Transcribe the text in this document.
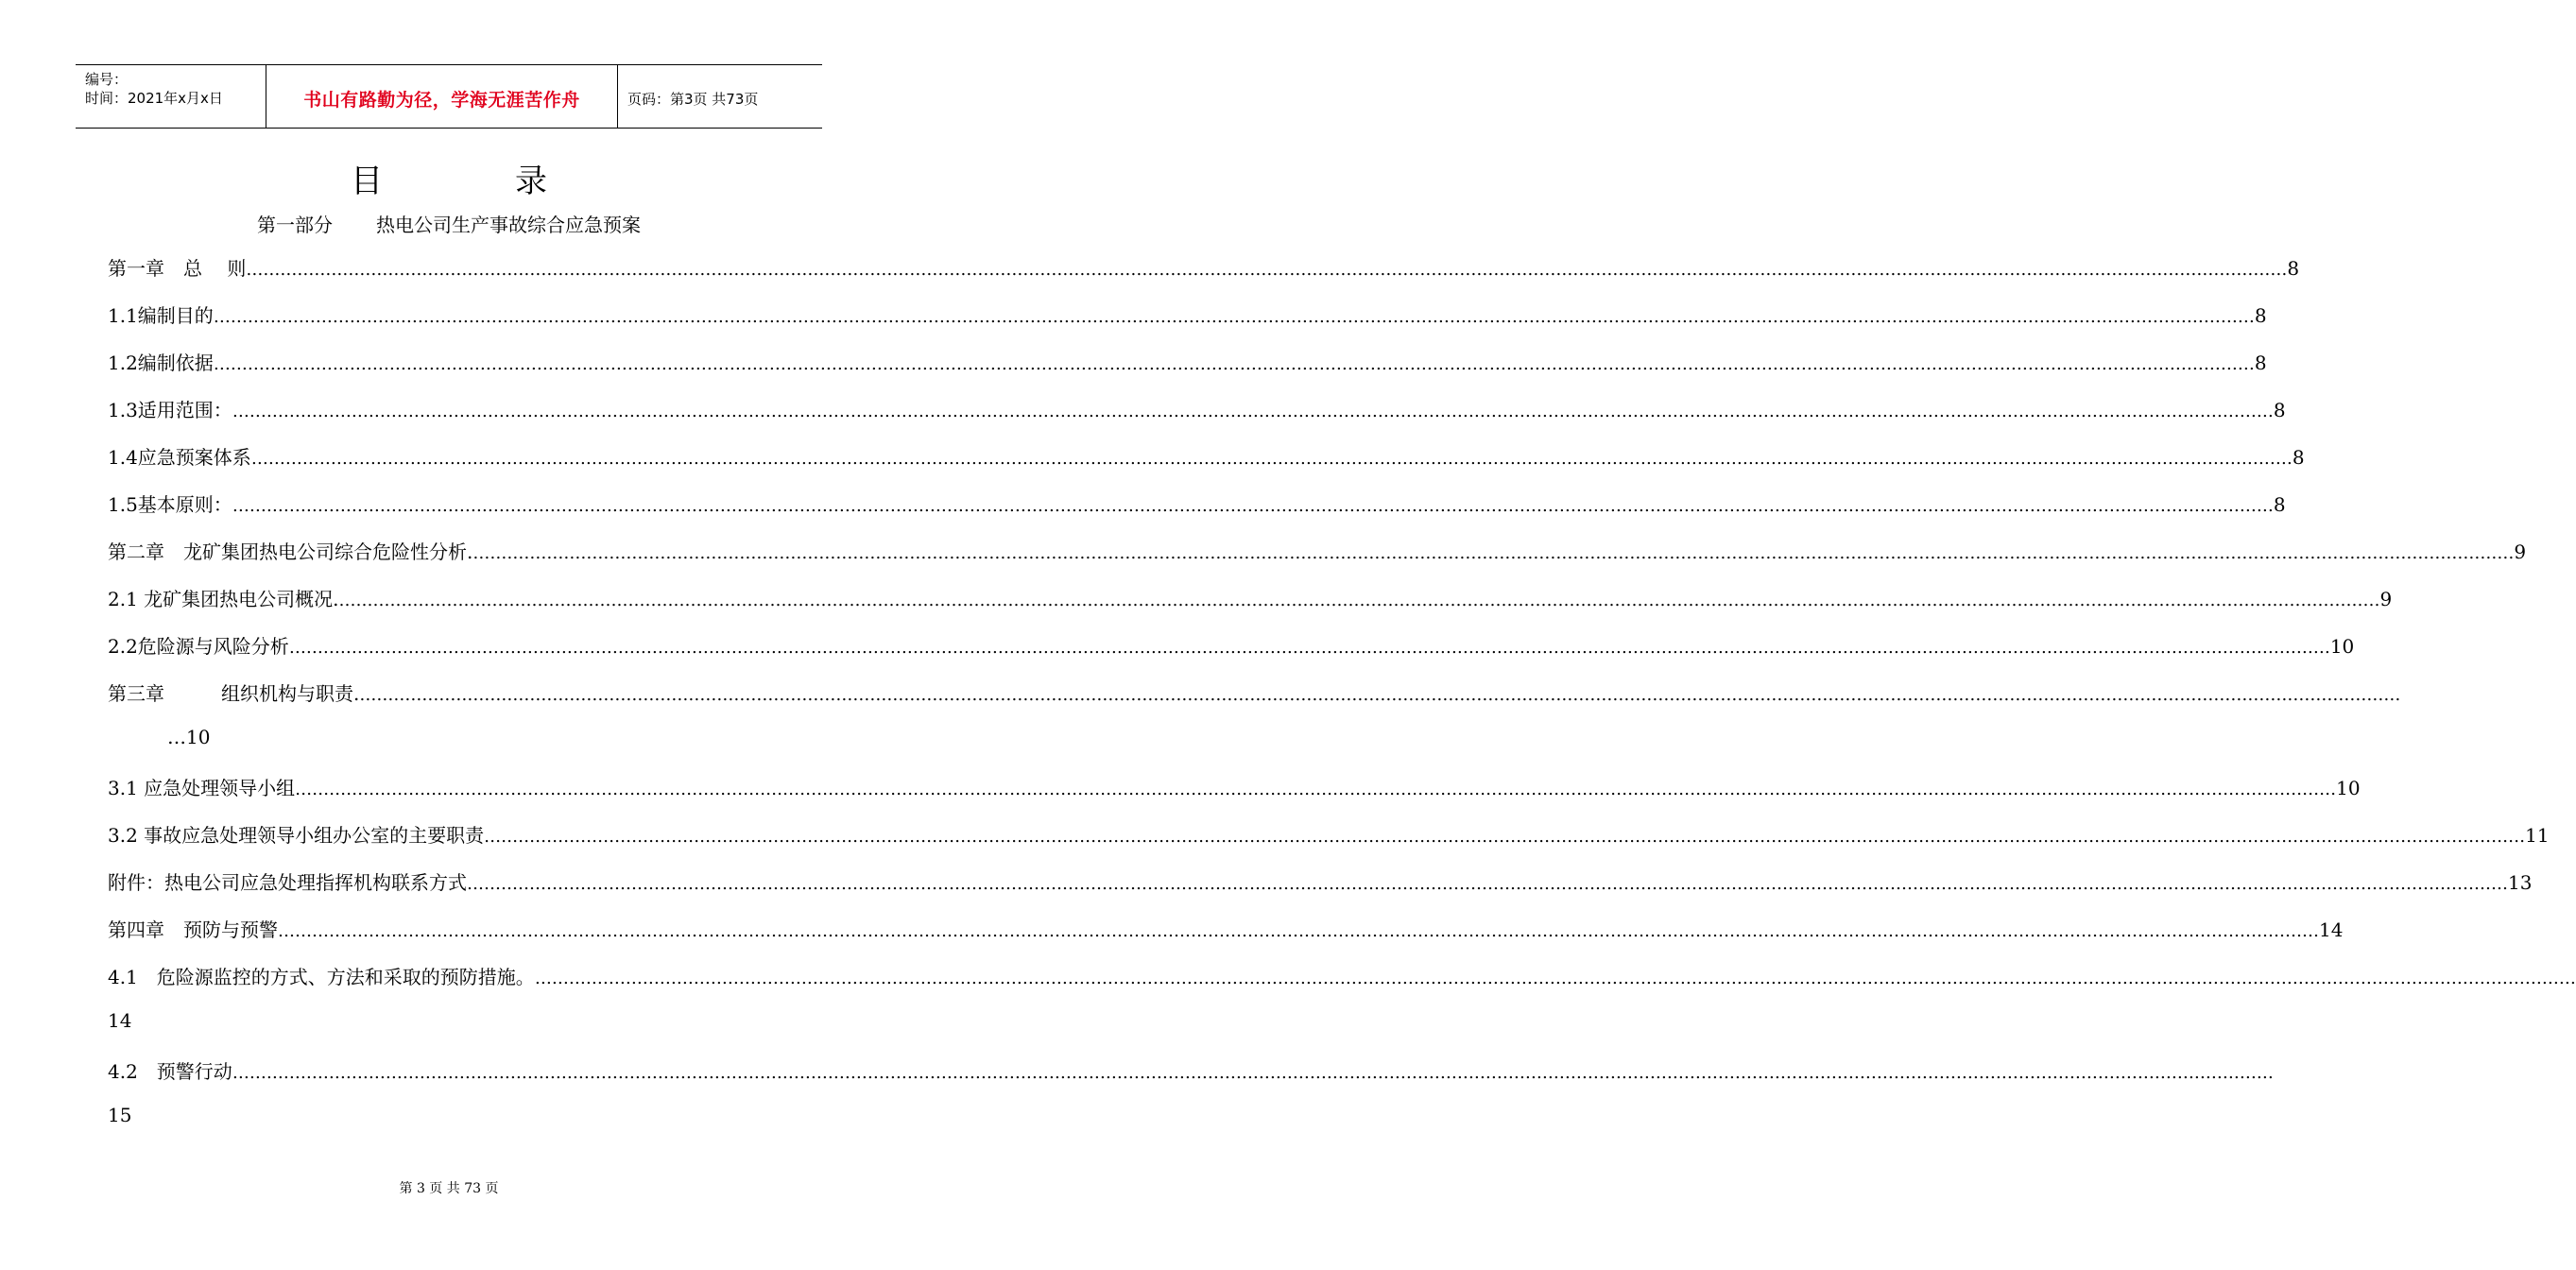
编号：
时间：2021年x月x日	书山有路勤为径，学海无涯苦作舟	页码：第3页 共73页
目录
第一部分 热电公司生产事故综合应急预案
第一章　总　 则 ……………………………………………………………………………………………………………………………………………………………………………………………………………………………………………………………………………………………………………………………… 8
1.1编制目的 ……………………………………………………………………………………………………………………………………………………………………………………………………………………………………………………………………………………………………………………………… 8
1.2编制依据 ……………………………………………………………………………………………………………………………………………………………………………………………………………………………………………………………………………………………………………………………… 8
1.3适用范围： ……………………………………………………………………………………………………………………………………………………………………………………………………………………………………………………………………………………………………………………………… 8
1.4应急预案体系 ……………………………………………………………………………………………………………………………………………………………………………………………………………………………………………………………………………………………………………………………… 8
1.5基本原则： ……………………………………………………………………………………………………………………………………………………………………………………………………………………………………………………………………………………………………………………………… 8
第二章　龙矿集团热电公司综合危险性分析. ……………………………………………………………………………………………………………………………………………………………………………………………………………………………………………………………………………………………………………………………… 9
2.1 龙矿集团热电公司概况. ……………………………………………………………………………………………………………………………………………………………………………………………………………………………………………………………………………………………………………………………… 9
2.2危险源与风险分析 ……………………………………………………………………………………………………………………………………………………………………………………………………………………………………………………………………………………………………………………………… 10
第三章　　　组织机构与职责. ………………………………………………………………………………………………………………………………………………………………………………………………………………………………………………………………………………………………………………………………
3.1 应急处理领导小组 ……………………………………………………………………………………………………………………………………………………………………………………………………………………………………………………………………………………………………………………………… 10
3.2 事故应急处理领导小组办公室的主要职责 ……………………………………………………………………………………………………………………………………………………………………………………………………………………………………………………………………………………………………………………………… 11
附件：热电公司应急处理指挥机构联系方式 ……………………………………………………………………………………………………………………………………………………………………………………………………………………………………………………………………………………………………………………………… 13
第四章　预防与预警 ……………………………………………………………………………………………………………………………………………………………………………………………………………………………………………………………………………………………………………………………… 14
4.1　危险源监控的方式、方法和采取的预防措施。 ………………………………………………………………………………………………………………………………………………………………………………………………………………………………………………………………………………………………………………………………
4.2　预警行动 ………………………………………………………………………………………………………………………………………………………………………………………………………………………………………………………………………………………………………………………………
第 3 页 共 73 页
…10
14
15
